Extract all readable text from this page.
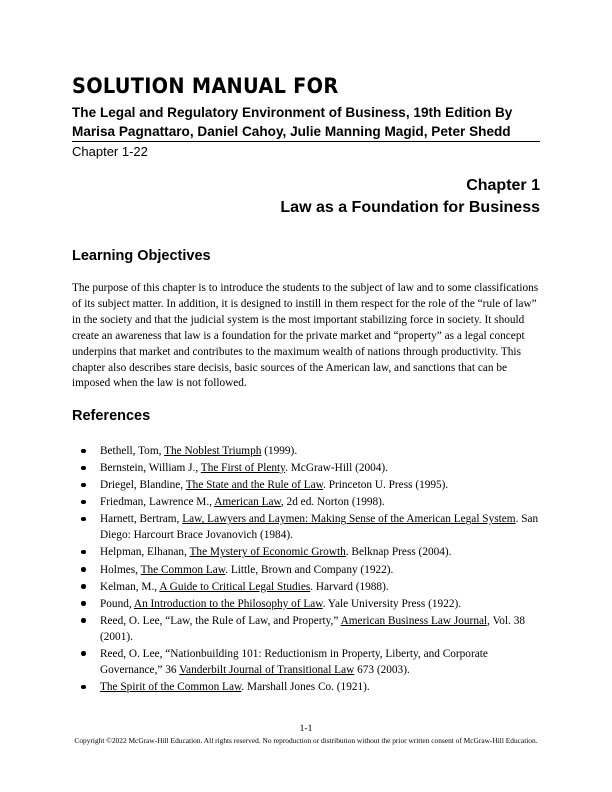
SOLUTION MANUAL FOR
The Legal and Regulatory Environment of Business, 19th Edition By Marisa Pagnattaro, Daniel Cahoy, Julie Manning Magid, Peter Shedd
Chapter 1-22
Chapter 1
Law as a Foundation for Business
Learning Objectives

The purpose of this chapter is to introduce the students to the subject of law and to some classifications of its subject matter. In addition, it is designed to instill in them respect for the role of the “rule of law” in the society and that the judicial system is the most important stabilizing force in society. It should create an awareness that law is a foundation for the private market and “property” as a legal concept underpins that market and contributes to the maximum wealth of nations through productivity. This chapter also describes stare decisis, basic sources of the American law, and sanctions that can be imposed when the law is not followed.

References
Bethell, Tom, The Noblest Triumph (1999).
Bernstein, William J., The First of Plenty. McGraw-Hill (2004).
Driegel, Blandine, The State and the Rule of Law. Princeton U. Press (1995).
Friedman, Lawrence M., American Law, 2d ed. Norton (1998).
Harnett, Bertram, Law, Lawyers and Laymen: Making Sense of the American Legal System. San Diego: Harcourt Brace Jovanovich (1984).
Helpman, Elhanan, The Mystery of Economic Growth. Belknap Press (2004).
Holmes, The Common Law. Little, Brown and Company (1922).
Kelman, M., A Guide to Critical Legal Studies. Harvard (1988).
Pound, An Introduction to the Philosophy of Law. Yale University Press (1922).
Reed, O. Lee, “Law, the Rule of Law, and Property,” American Business Law Journal, Vol. 38 (2001).
Reed, O. Lee, “Nationbuilding 101: Reductionism in Property, Liberty, and Corporate Governance,” 36 Vanderbilt Journal of Transitional Law 673 (2003).
The Spirit of the Common Law. Marshall Jones Co. (1921).
1-1
Copyright ©2022 McGraw-Hill Education. All rights reserved. No reproduction or distribution without the prior written consent of McGraw-Hill Education.
